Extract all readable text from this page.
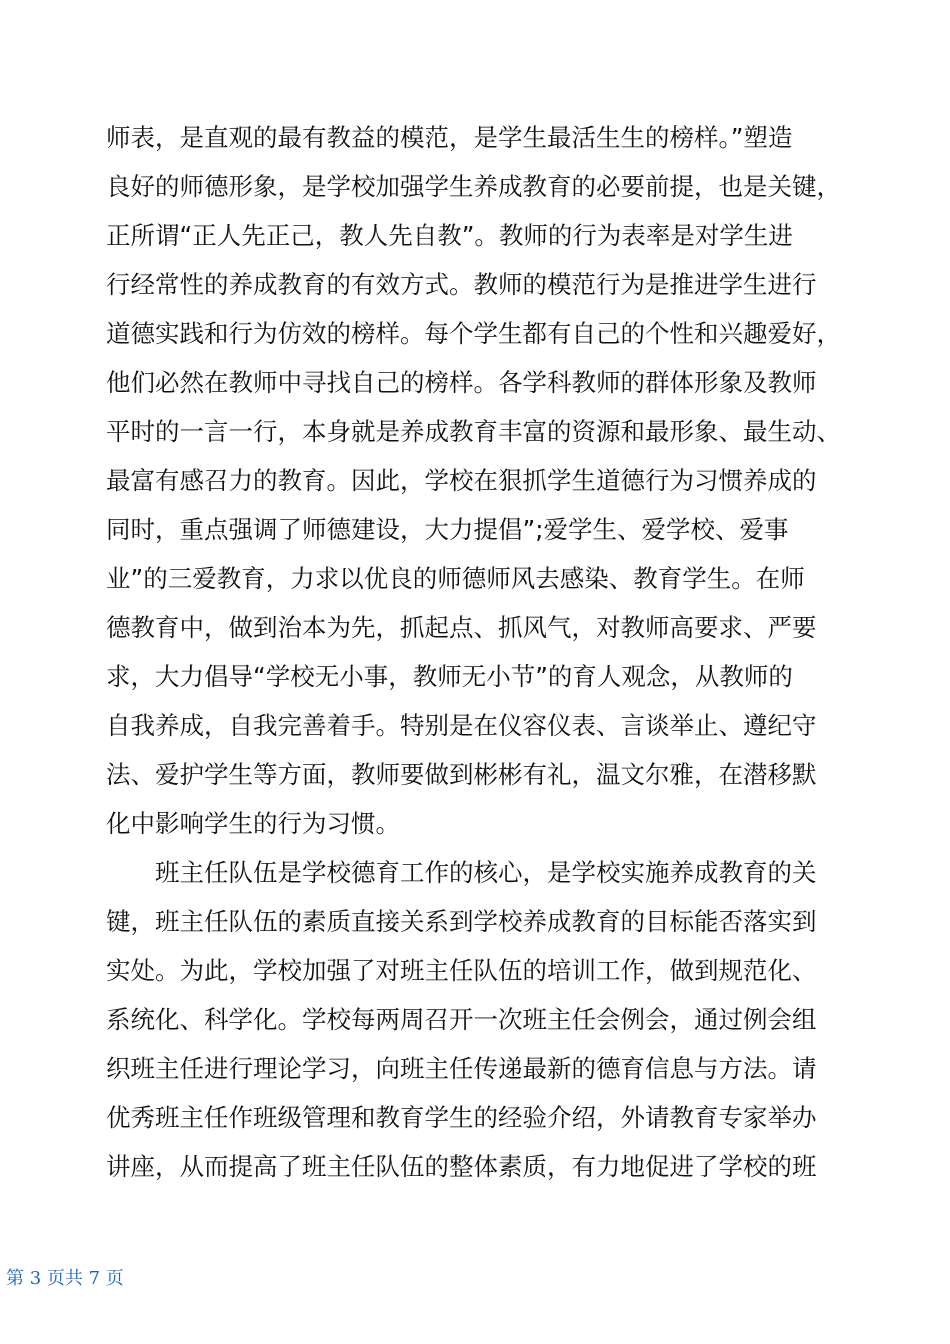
师表，是直观的最有教益的模范，是学生最活生生的榜样。”塑造
良好的师德形象，是学校加强学生养成教育的必要前提，也是关键，
正所谓“正人先正己，教人先自教”。教师的行为表率是对学生进
行经常性的养成教育的有效方式。教师的模范行为是推进学生进行
道德实践和行为仿效的榜样。每个学生都有自己的个性和兴趣爱好，
他们必然在教师中寻找自己的榜样。各学科教师的群体形象及教师
平时的一言一行，本身就是养成教育丰富的资源和最形象、最生动、
最富有感召力的教育。因此，学校在狠抓学生道德行为习惯养成的
同时，重点强调了师德建设，大力提倡”;爱学生、爱学校、爱事
业”的三爱教育，力求以优良的师德师风去感染、教育学生。在师
德教育中，做到治本为先，抓起点、抓风气，对教师高要求、严要
求，大力倡导“学校无小事，教师无小节”的育人观念，从教师的
自我养成，自我完善着手。特别是在仪容仪表、言谈举止、遵纪守
法、爱护学生等方面，教师要做到彬彬有礼，温文尔雅，在潜移默
化中影响学生的行为习惯。
　　班主任队伍是学校德育工作的核心，是学校实施养成教育的关
键，班主任队伍的素质直接关系到学校养成教育的目标能否落实到
实处。为此，学校加强了对班主任队伍的培训工作，做到规范化、
系统化、科学化。学校每两周召开一次班主任会例会，通过例会组
织班主任进行理论学习，向班主任传递最新的德育信息与方法。请
优秀班主任作班级管理和教育学生的经验介绍，外请教育专家举办
讲座，从而提高了班主任队伍的整体素质，有力地促进了学校的班
第 3 页共 7 页
